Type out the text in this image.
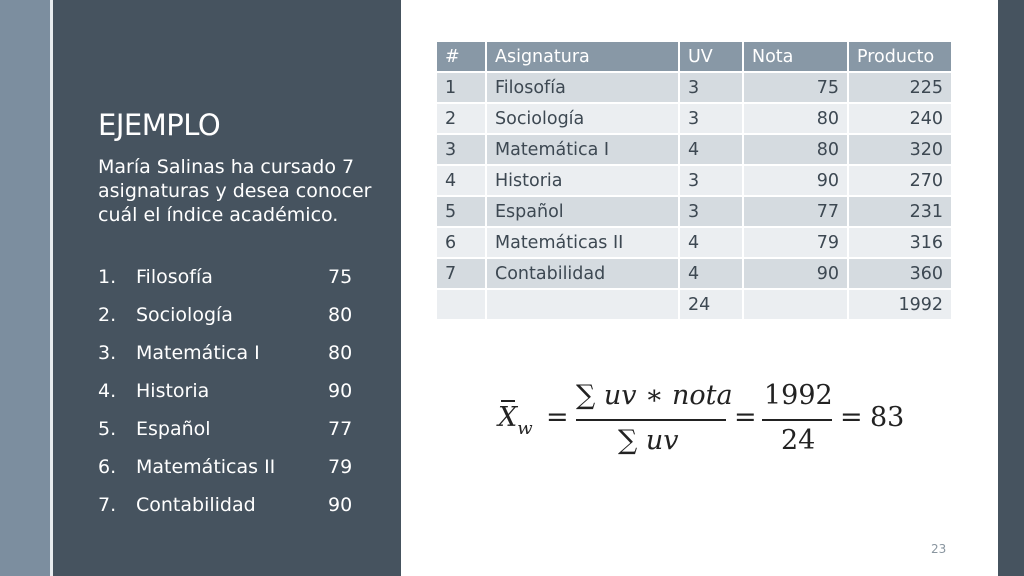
EJEMPLO
María Salinas ha cursado 7 asignaturas y desea conocer cuál el índice académico.
1. Filosofía	75
2. Sociología	80
3. Matemática I	80
4. Historia	90
5. Español	77
6. Matemáticas II	79
7. Contabilidad	90
#	Asignatura	UV	Nota	Producto
1	Filosofía	3	75	225
2	Sociología	3	80	240
3	Matemática I	4	80	320
4	Historia	3	90	270
5	Español	3	77	231
6	Matemáticas II	4	79	316
7	Contabilidad	4	90	360
		24		1992
$X_w$ =
∑ uv ∗ nota
∑ uv
=
1992
24
= 83
23
